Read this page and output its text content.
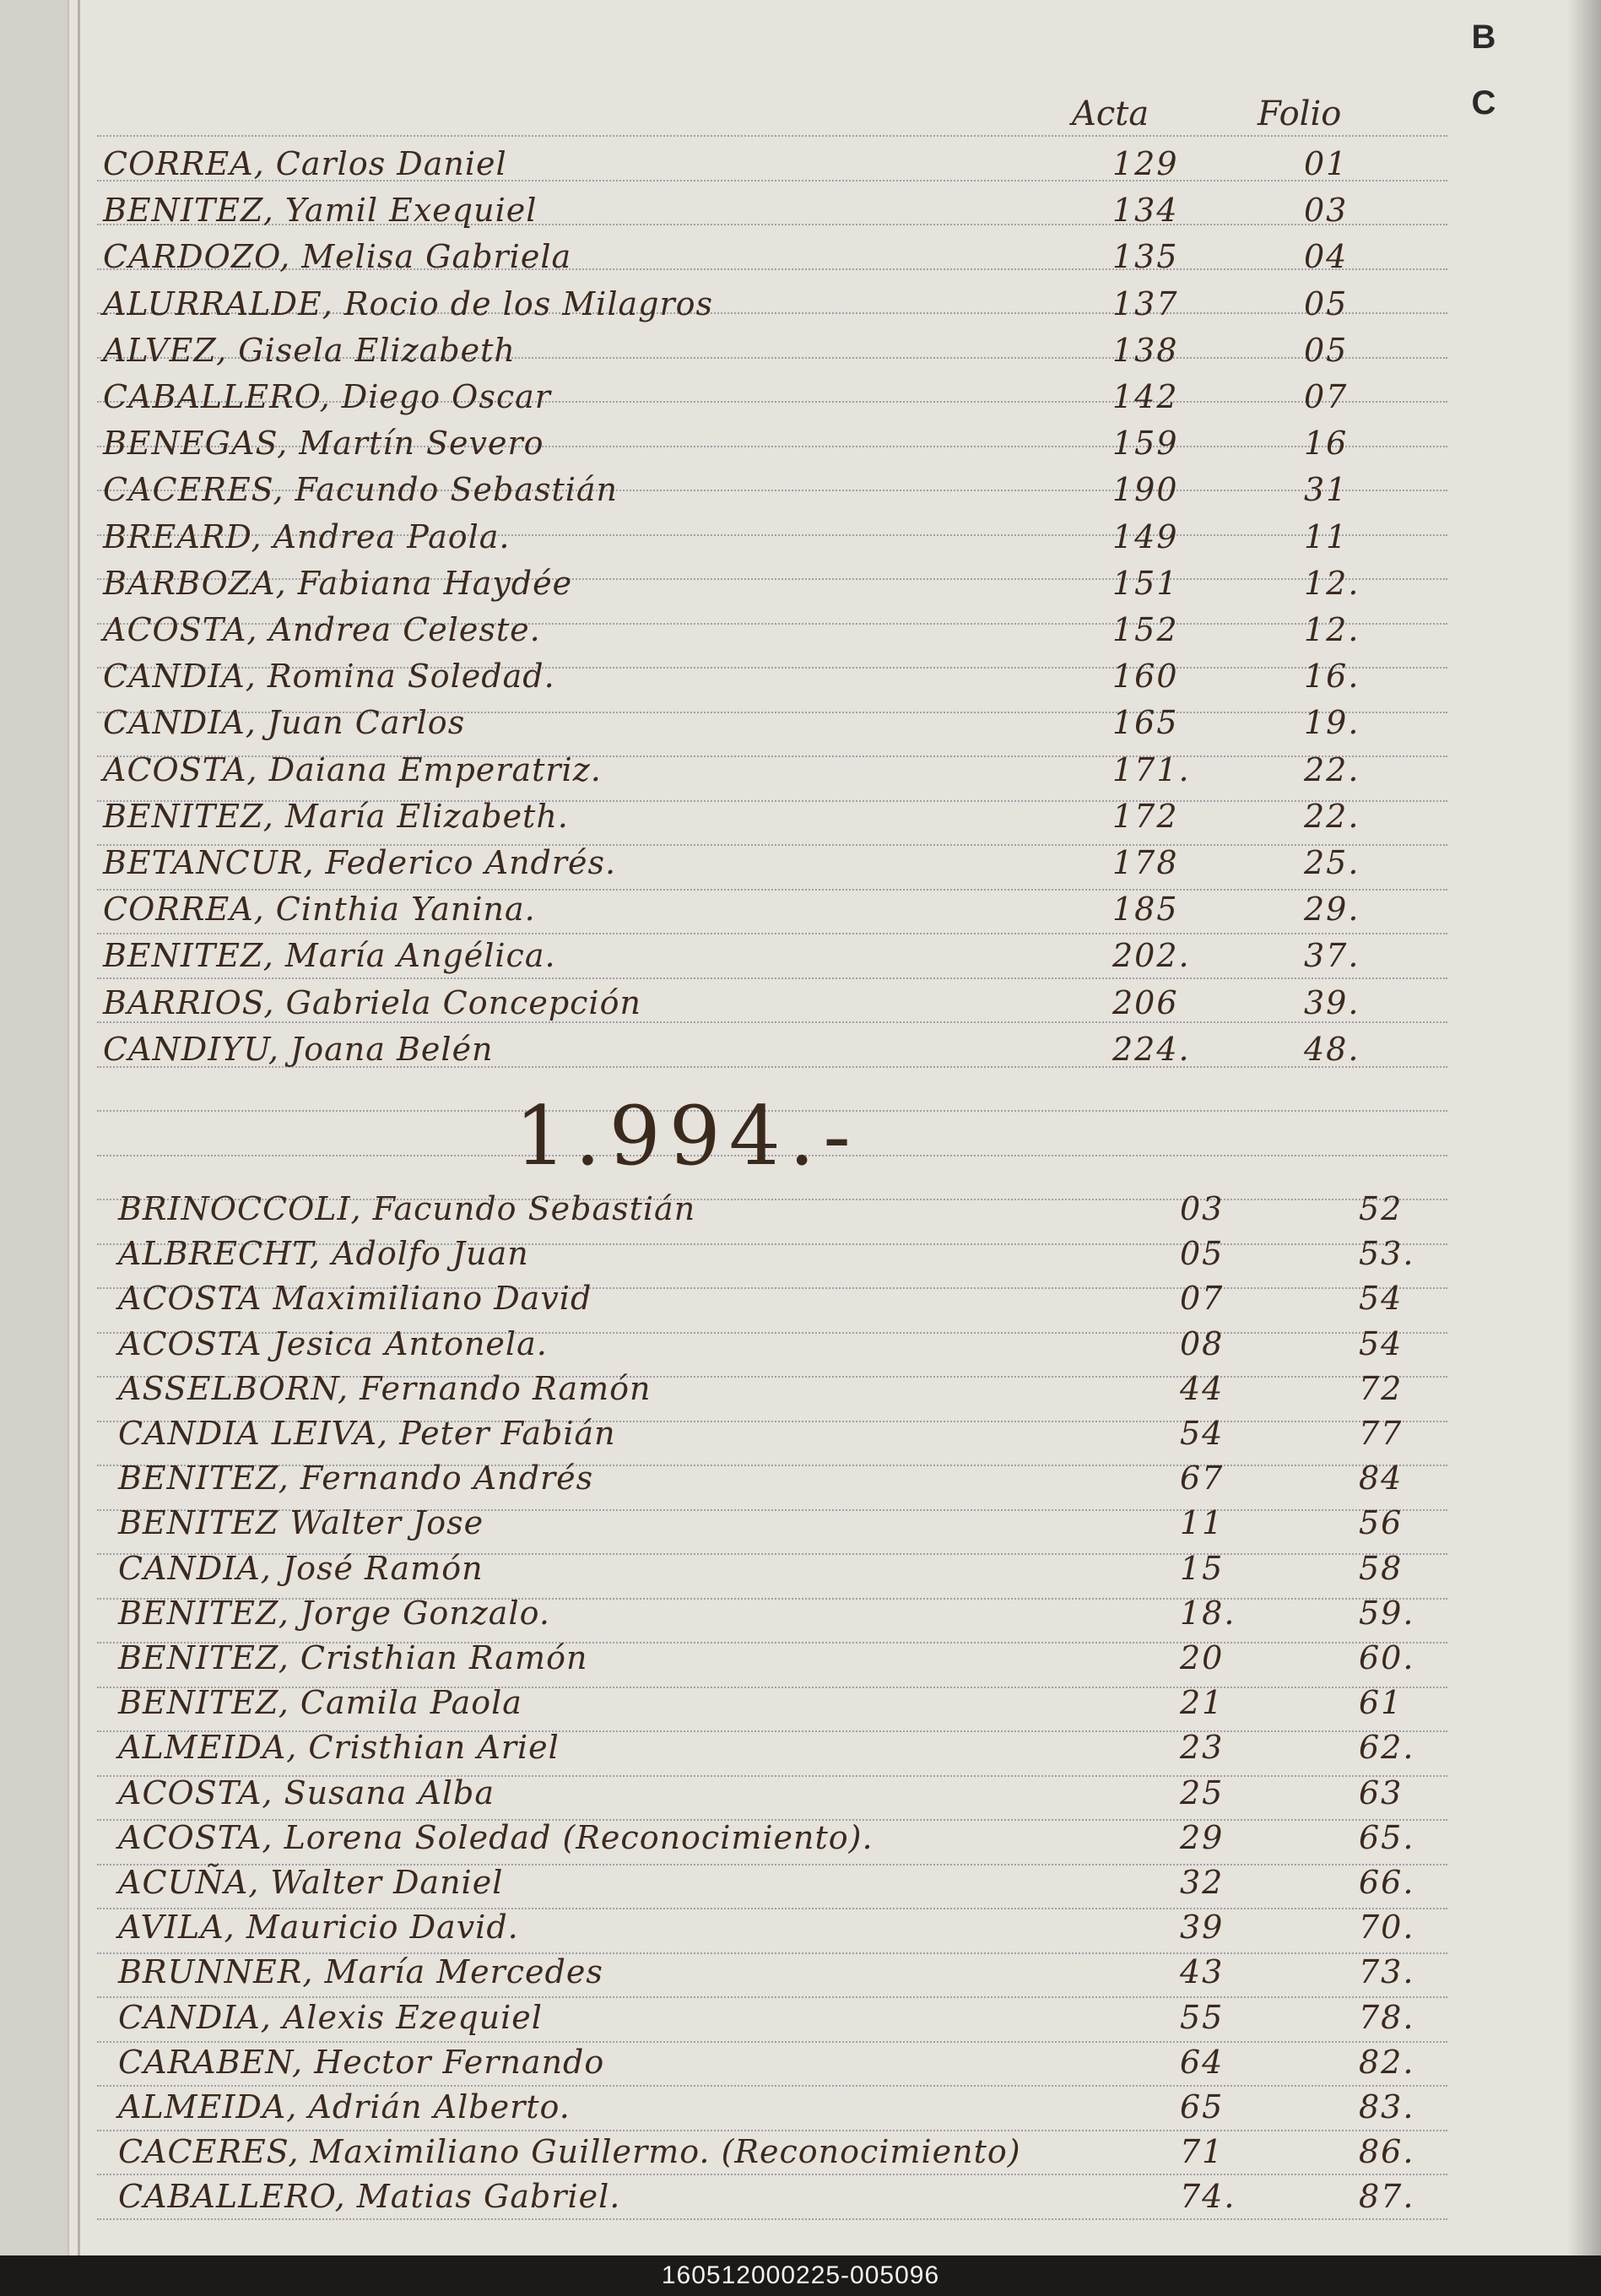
B
C
Acta	Folio
CORREA, Carlos Daniel	129	01
BENITEZ, Yamil Exequiel	134	03
CARDOZO, Melisa Gabriela	135	04
ALURRALDE, Rocio de los Milagros	137	05
ALVEZ, Gisela Elizabeth	138	05
CABALLERO, Diego Oscar	142	07
BENEGAS, Martín Severo	159	16
CACERES, Facundo Sebastián	190	31
BREARD, Andrea Paola.	149	11
BARBOZA, Fabiana Haydée	151	12.
ACOSTA, Andrea Celeste.	152	12.
CANDIA, Romina Soledad.	160	16.
CANDIA, Juan Carlos	165	19.
ACOSTA, Daiana Emperatriz.	171.	22.
BENITEZ, María Elizabeth.	172	22.
BETANCUR, Federico Andrés.	178	25.
CORREA, Cinthia Yanina.	185	29.
BENITEZ, María Angélica.	202.	37.
BARRIOS, Gabriela Concepción	206	39.
CANDIYU, Joana Belén	224.	48.
1.994.-
BRINOCCOLI, Facundo Sebastián	03	52
ALBRECHT, Adolfo Juan	05	53.
ACOSTA Maximiliano David	07	54
ACOSTA Jesica Antonela.	08	54
ASSELBORN, Fernando Ramón	44	72
CANDIA LEIVA, Peter Fabián	54	77
BENITEZ, Fernando Andrés	67	84
BENITEZ Walter Jose	11	56
CANDIA, José Ramón	15	58
BENITEZ, Jorge Gonzalo.	18.	59.
BENITEZ, Cristhian Ramón	20	60.
BENITEZ, Camila Paola	21	61
ALMEIDA, Cristhian Ariel	23	62.
ACOSTA, Susana Alba	25	63
ACOSTA, Lorena Soledad (Reconocimiento).	29	65.
ACUÑA, Walter Daniel	32	66.
AVILA, Mauricio David.	39	70.
BRUNNER, María Mercedes	43	73.
CANDIA, Alexis Ezequiel	55	78.
CARABEN, Hector Fernando	64	82.
ALMEIDA, Adrián Alberto.	65	83.
CACERES, Maximiliano Guillermo. (Reconocimiento)	71	86.
CABALLERO, Matias Gabriel.	74.	87.
160512000225-005096
